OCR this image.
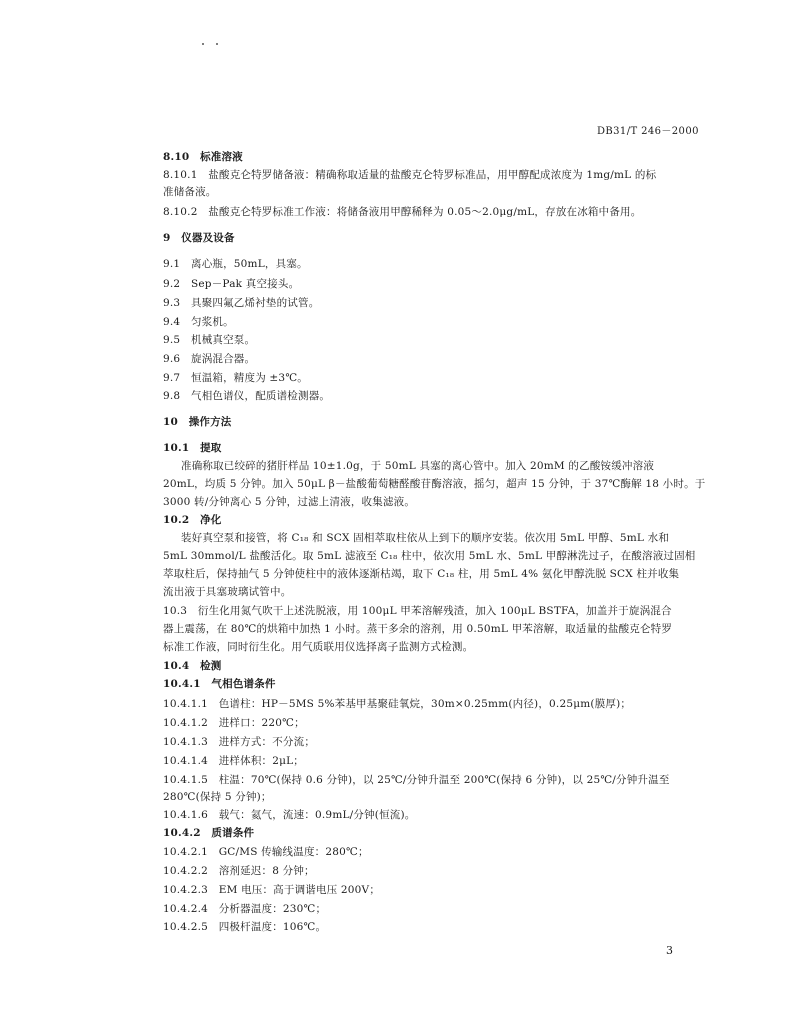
DB31/T 246－2000
8.10　标准溶液
8.10.1　盐酸克仑特罗储备液：精确称取适量的盐酸克仑特罗标准品，用甲醇配成浓度为 1mg/mL 的标
准储备液。
8.10.2　盐酸克仑特罗标准工作液：将储备液用甲醇稀释为 0.05～2.0μg/mL，存放在冰箱中备用。
9　仪器及设备
9.1　离心瓶，50mL，具塞。
9.2　Sep－Pak 真空接头。
9.3　具聚四氟乙烯衬垫的试管。
9.4　匀浆机。
9.5　机械真空泵。
9.6　旋涡混合器。
9.7　恒温箱，精度为 ±3℃。
9.8　气相色谱仪，配质谱检测器。
10　操作方法
10.1　提取
准确称取已绞碎的猪肝样品 10±1.0g，于 50mL 具塞的离心管中。加入 20mM 的乙酸铵缓冲溶液
20mL，均质 5 分钟。加入 50μL β－盐酸葡萄糖醛酸苷酶溶液，摇匀，超声 15 分钟，于 37℃酶解 18 小时。于
3000 转/分钟离心 5 分钟，过滤上清液，收集滤液。
10.2　净化
装好真空泵和接管，将 C₁₈ 和 SCX 固相萃取柱依从上到下的顺序安装。依次用 5mL 甲醇、5mL 水和
5mL 30mmol/L 盐酸活化。取 5mL 滤液至 C₁₈ 柱中，依次用 5mL 水、5mL 甲醇淋洗过子，在酸溶液过固相
萃取柱后，保持抽气 5 分钟使柱中的液体逐渐枯竭，取下 C₁₈ 柱，用 5mL 4% 氨化甲醇洗脱 SCX 柱并收集
流出液于具塞玻璃试管中。
10.3　衍生化用氮气吹干上述洗脱液，用 100μL 甲苯溶解残渣，加入 100μL BSTFA，加盖并于旋涡混合
器上震荡，在 80℃的烘箱中加热 1 小时。蒸干多余的溶剂，用 0.50mL 甲苯溶解，取适量的盐酸克仑特罗
标准工作液，同时衍生化。用气质联用仪选择离子监测方式检测。
10.4　检测
10.4.1　气相色谱条件
10.4.1.1　色谱柱：HP－5MS 5%苯基甲基聚硅氧烷，30m×0.25mm(内径)，0.25μm(膜厚)；
10.4.1.2　进样口：220℃；
10.4.1.3　进样方式：不分流；
10.4.1.4　进样体积：2μL；
10.4.1.5　柱温：70℃(保持 0.6 分钟)，以 25℃/分钟升温至 200℃(保持 6 分钟)，以 25℃/分钟升温至
280℃(保持 5 分钟)；
10.4.1.6　载气：氦气，流速：0.9mL/分钟(恒流)。
10.4.2　质谱条件
10.4.2.1　GC/MS 传输线温度：280℃；
10.4.2.2　溶剂延迟：8 分钟；
10.4.2.3　EM 电压：高于调谐电压 200V；
10.4.2.4　分析器温度：230℃；
10.4.2.5　四极杆温度：106℃。
3
